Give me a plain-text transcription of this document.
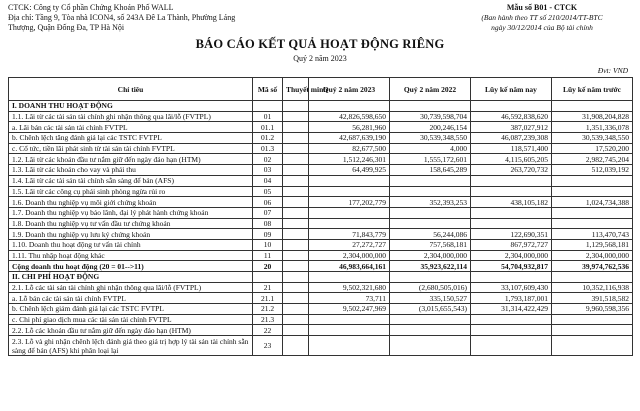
CTCK: Công ty Cổ phần Chứng Khoán Phố WALL
Địa chỉ: Tầng 9, Tòa nhà ICON4, số 243A Đê La Thành, Phường Láng
Thượng, Quận Đống Đa, TP Hà Nội
Mẫu số B01 - CTCK
(Ban hành theo TT số 210/2014/TT-BTC
ngày 30/12/2014 của Bộ tài chính
BÁO CÁO KẾT QUẢ HOẠT ĐỘNG RIÊNG
Quý 2 năm 2023
Đvt: VND
Chỉ tiêu	Mã số	Thuyết minh	Quý 2 năm 2023	Quý 2 năm 2022	Lũy kế năm nay	Lũy kế năm trước
I. DOANH THU HOẠT ĐỘNG						
1.1. Lãi từ các tài sản tài chính ghi nhận thông qua lãi/lỗ (FVTPL)	01		42,826,598,650	30,739,598,704	46,592,838,620	31,908,204,828
a. Lãi bán các tài sản tài chính FVTPL	01.1		56,281,960	200,246,154	387,027,912	1,351,336,078
b. Chênh lệch tăng đánh giá lại các TSTC FVTPL	01.2		42,687,639,190	30,539,348,550	46,087,239,308	30,539,348,550
c. Cổ tức, tiền lãi phát sinh từ tài sản tài chính FVTPL	01.3		82,677,500	4,000	118,571,400	17,520,200
1.2. Lãi từ các khoản đầu tư nắm giữ đến ngày đáo hạn (HTM)	02		1,512,246,301	1,555,172,601	4,115,605,205	2,982,745,204
1.3. Lãi từ các khoản cho vay và phải thu	03		64,499,925	158,645,289	263,720,732	512,039,192
1.4. Lãi từ các tài sản tài chính sẵn sàng để bán (AFS)	04					
1.5. Lãi từ các công cụ phái sinh phòng ngừa rủi ro	05					
1.6. Doanh thu nghiệp vụ môi giới chứng khoán	06		177,202,779	352,393,253	438,105,182	1,024,734,388
1.7. Doanh thu nghiệp vụ bảo lãnh, đại lý phát hành chứng khoán	07					
1.8. Doanh thu nghiệp vụ tư vấn đầu tư chứng khoán	08					
1.9. Doanh thu nghiệp vụ lưu ký chứng khoán	09		71,843,779	56,244,086	122,690,351	113,470,743
1.10. Doanh thu hoạt động tư vấn tài chính	10		27,272,727	757,568,181	867,972,727	1,129,568,181
1.11. Thu nhập hoạt động khác	11		2,304,000,000	2,304,000,000	2,304,000,000	2,304,000,000
Cộng doanh thu hoạt động (20 = 01-->11)	20		46,983,664,161	35,923,622,114	54,704,932,817	39,974,762,536
II. CHI PHÍ HOẠT ĐỘNG						
2.1. Lỗ các tài sản tài chính ghi nhận thông qua lãi/lỗ (FVTPL)	21		9,502,321,680	(2,680,505,016)	33,107,609,430	10,352,116,938
a. Lỗ bán các tài sản tài chính FVTPL	21.1		73,711	335,150,527	1,793,187,001	391,518,582
b. Chênh lệch giảm đánh giá lại các TSTC FVTPL	21.2		9,502,247,969	(3,015,655,543)	31,314,422,429	9,960,598,356
c. Chi phí giao dịch mua các tài sản tài chính FVTPL	21.3					
2.2. Lỗ các khoản đầu tư nắm giữ đến ngày đáo hạn (HTM)	22					
2.3. Lỗ và ghi nhận chênh lệch đánh giá theo giá trị hợp lý tài sản tài chính sẵn sàng để bán (AFS) khi phân loại lại	23					
